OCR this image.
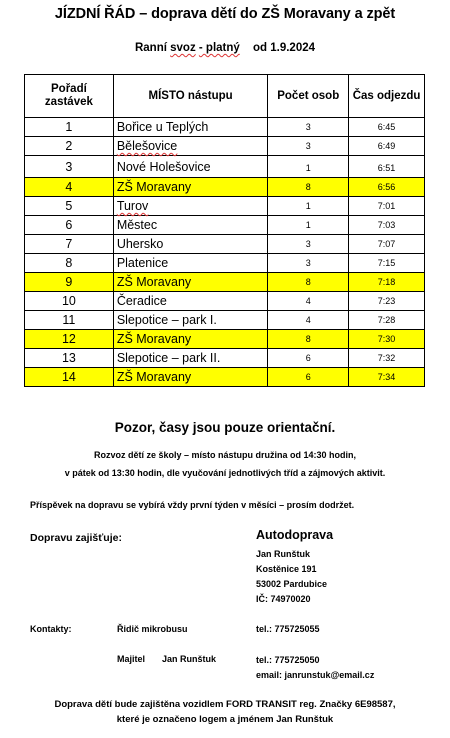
JÍZDNÍ ŘÁD – doprava dětí do ZŠ Moravany a zpět
Ranní svoz - platný od 1.9.2024
Pořadí zastávek	MÍSTO nástupu	Počet osob	Čas odjezdu
1	Bořice u Teplých	3	6:45
2	Bělešovice	3	6:49
3	Nové Holešovice	1	6:51
4	ZŠ Moravany	8	6:56
5	Turov	1	7:01
6	Městec	1	7:03
7	Uhersko	3	7:07
8	Platenice	3	7:15
9	ZŠ Moravany	8	7:18
10	Čeradice	4	7:23
11	Slepotice – park I.	4	7:28
12	ZŠ Moravany	8	7:30
13	Slepotice – park II.	6	7:32
14	ZŠ Moravany	6	7:34
Pozor, časy jsou pouze orientační.
Rozvoz dětí ze školy – místo nástupu družina od 14:30 hodin,
v pátek od 13:30 hodin, dle vyučování jednotlivých tříd a zájmových aktivit.
Příspěvek na dopravu se vybírá vždy první týden v měsíci – prosím dodržet.
Dopravu zajišťuje:	Autodoprava
Jan Runštuk
Kostěnice 191
53002 Pardubice
IČ: 74970020
Kontakty:	Řidič mikrobusu	tel.: 775725055
Majitel Jan Runštuk	tel.: 775725050
email: janrunstuk@email.cz
Doprava dětí bude zajištěna vozidlem FORD TRANSIT reg. Značky 6E98587,
které je označeno logem a jménem Jan Runštuk
